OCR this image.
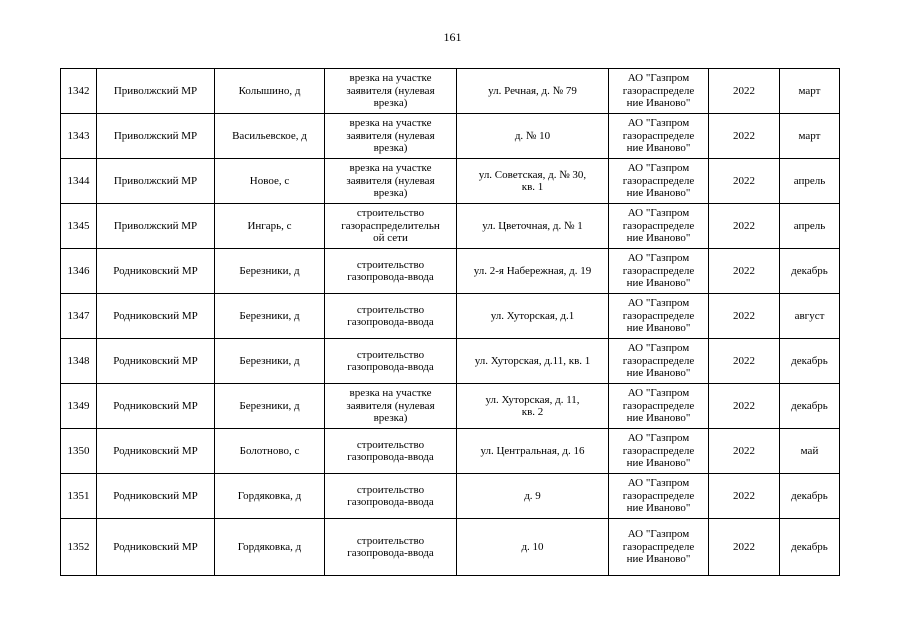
161
1342	Приволжский МР	Колышино, д	врезка на участке
заявителя (нулевая
врезка)	ул. Речная, д. № 79	АО "Газпром
газораспределе
ние Иваново"	2022	март
1343	Приволжский МР	Васильевское, д	врезка на участке
заявителя (нулевая
врезка)	д. № 10	АО "Газпром
газораспределе
ние Иваново"	2022	март
1344	Приволжский МР	Новое, с	врезка на участке
заявителя (нулевая
врезка)	ул. Советская, д. № 30,
кв. 1	АО "Газпром
газораспределе
ние Иваново"	2022	апрель
1345	Приволжский МР	Ингарь, с	строительство
газораспределительн
ой сети	ул. Цветочная, д. № 1	АО "Газпром
газораспределе
ние Иваново"	2022	апрель
1346	Родниковский МР	Березники, д	строительство
газопровода-ввода	ул. 2-я Набережная, д. 19	АО "Газпром
газораспределе
ние Иваново"	2022	декабрь
1347	Родниковский МР	Березники, д	строительство
газопровода-ввода	ул. Хуторская, д.1	АО "Газпром
газораспределе
ние Иваново"	2022	август
1348	Родниковский МР	Березники, д	строительство
газопровода-ввода	ул. Хуторская, д.11, кв. 1	АО "Газпром
газораспределе
ние Иваново"	2022	декабрь
1349	Родниковский МР	Березники, д	врезка на участке
заявителя (нулевая
врезка)	ул. Хуторская, д. 11,
кв. 2	АО "Газпром
газораспределе
ние Иваново"	2022	декабрь
1350	Родниковский МР	Болотново, с	строительство
газопровода-ввода	ул. Центральная, д. 16	АО "Газпром
газораспределе
ние Иваново"	2022	май
1351	Родниковский МР	Гордяковка, д	строительство
газопровода-ввода	д. 9	АО "Газпром
газораспределе
ние Иваново"	2022	декабрь
1352	Родниковский МР	Гордяковка, д	строительство
газопровода-ввода	д. 10	АО "Газпром
газораспределе
ние Иваново"	2022	декабрь
